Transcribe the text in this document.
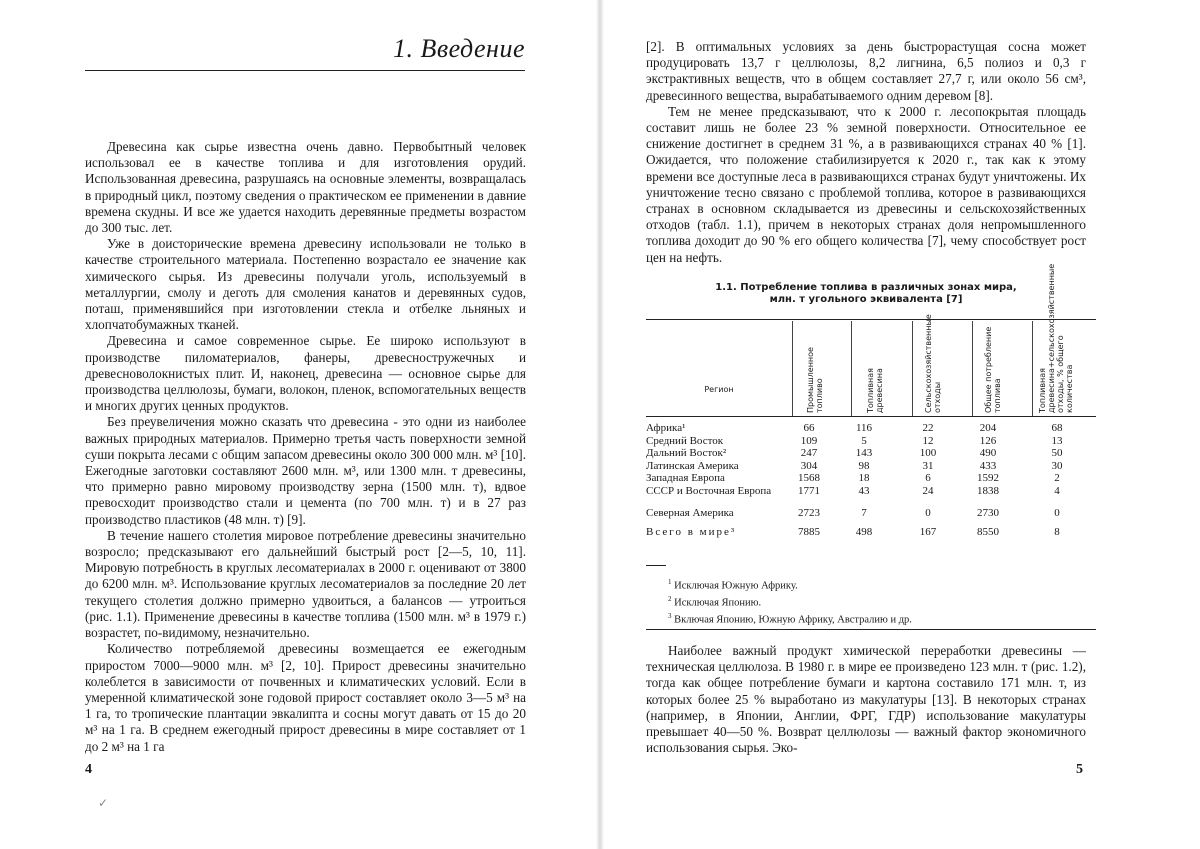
1. Введение

Древесина как сырье известна очень давно. Первобытный человек использовал ее в качестве топлива и для изготовления орудий. Использованная древесина, разрушаясь на основные элементы, возвращалась в природный цикл, поэтому сведения о практическом ее применении в давние времена скудны. И все же удается находить деревянные предметы возрастом до 300 тыс. лет.

Уже в доисторические времена древесину использовали не только в качестве строительного материала. Постепенно возрастало ее значение как химического сырья. Из древесины получали уголь, используемый в металлургии, смолу и деготь для смоления канатов и деревянных судов, поташ, применявшийся при изготовлении стекла и отбелке льняных и хлопчатобумажных тканей.

Древесина и самое современное сырье. Ее широко используют в производстве пиломатериалов, фанеры, древесностружечных и древесноволокнистых плит. И, наконец, древесина — основное сырье для производства целлюлозы, бумаги, волокон, пленок, вспомогательных веществ и многих других ценных продуктов.

Без преувеличения можно сказать что древесина - это одни из наиболее важных природных материалов. Примерно третья часть поверхности земной суши покрыта лесами с общим запасом древесины около 300 000 млн. м³ [10]. Ежегодные заготовки составляют 2600 млн. м³, или 1300 млн. т древесины, что примерно равно мировому производству зерна (1500 млн. т), вдвое превосходит производство стали и цемента (по 700 млн. т) и в 27 раз производство пластиков (48 млн. т) [9].

В течение нашего столетия мировое потребление древесины значительно возросло; предсказывают его дальнейший быстрый рост [2—5, 10, 11]. Мировую потребность в круглых лесоматериалах в 2000 г. оценивают от 3800 до 6200 млн. м³. Использование круглых лесоматериалов за последние 20 лет текущего столетия должно примерно удвоиться, а балансов — утроиться (рис. 1.1). Применение древесины в качестве топлива (1500 млн. м³ в 1979 г.) возрастет, по-видимому, незначительно.

Количество потребляемой древесины возмещается ее ежегодным приростом 7000—9000 млн. м³ [2, 10]. Прирост древесины значительно колеблется в зависимости от почвенных и климатических условий. Если в умеренной климатической зоне годовой прирост составляет около 3—5 м³ на 1 га, то тропические плантации эвкалипта и сосны могут давать от 15 до 20 м³ на 1 га. В среднем ежегодный прирост древесины в мире составляет от 1 до 2 м³ на 1 га

4
✓

[2]. В оптимальных условиях за день быстрорастущая сосна может продуцировать 13,7 г целлюлозы, 8,2 лигнина, 6,5 полиоз и 0,3 г экстрактивных веществ, что в общем составляет 27,7 г, или около 56 см³, древесинного вещества, вырабатываемого одним деревом [8].

Тем не менее предсказывают, что к 2000 г. лесопокрытая площадь составит лишь не более 23 % земной поверхности. Относительное ее снижение достигнет в среднем 31 %, а в развивающихся странах 40 % [1]. Ожидается, что положение стабилизируется к 2020 г., так как к этому времени все доступные леса в развивающихся странах будут уничтожены. Их уничтожение тесно связано с проблемой топлива, которое в развивающихся странах в основном складывается из древесины и сельскохозяйственных отходов (табл. 1.1), причем в некоторых странах доля непромышленного топлива доходит до 90 % его общего количества [7], чему способствует рост цен на нефть.

1.1. Потребление топлива в различных зонах мира,
млн. т угольного эквивалента [7]
Регион	Промышленное топливо	Топливная древесина	Сельскохозяйственные отходы	Общее потребление топлива	Топливная древесина+сельскохозяйственные отходы, % общего количества
Африка¹	66	116	22	204	68
Средний Восток	109	5	12	126	13
Дальний Восток²	247	143	100	490	50
Латинская Америка	304	98	31	433	30
Западная Европа	1568	18	6	1592	2
СССР и Восточная Европа	1771	43	24	1838	4
Северная Америка	2723	7	0	2730	0
Всего в мире³	7885	498	167	8550	8
$^1$ Исключая Южную Африку.
$^2$ Исключая Японию.
$^3$ Включая Японию, Южную Африку, Австралию и др.

Наиболее важный продукт химической переработки древесины — техническая целлюлоза. В 1980 г. в мире ее произведено 123 млн. т (рис. 1.2), тогда как общее потребление бумаги и картона составило 171 млн. т, из которых более 25 % выработано из макулатуры [13]. В некоторых странах (например, в Японии, Англии, ФРГ, ГДР) использование макулатуры превышает 40—50 %. Возврат целлюлозы — важный фактор экономичного использования сырья. Эко-

5
